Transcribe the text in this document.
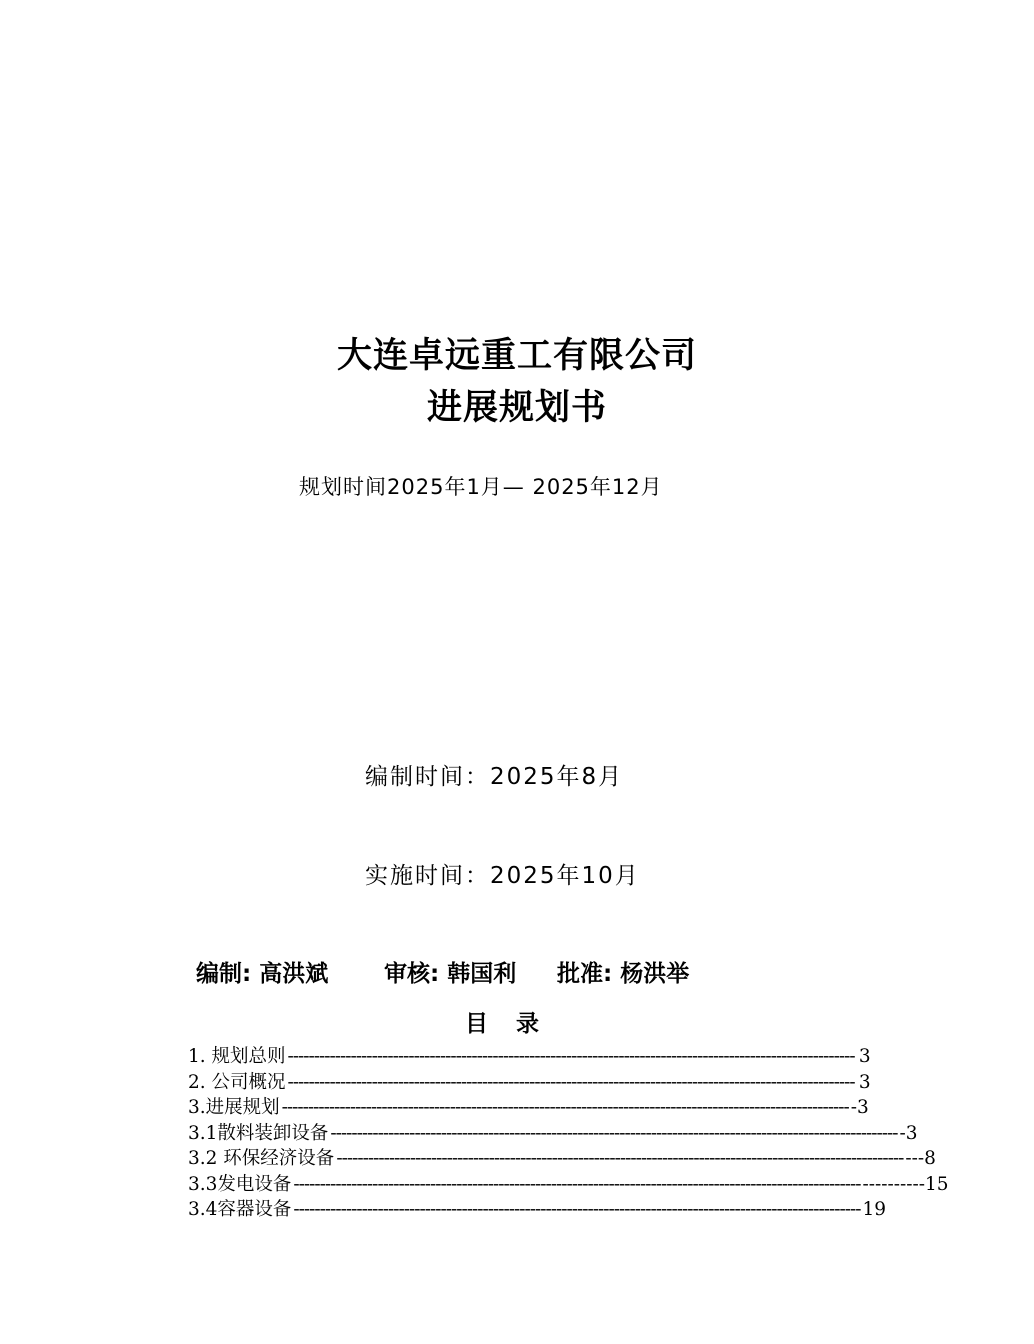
大连卓远重工有限公司
进展规划书
规划时间2025年1月— 2025年12月
编制时间：2025年8月
实施时间：2025年10月
编制: 高洪斌 审核: 韩国利 批准: 杨洪举
目 录
1. 规划总则 ------------------------------------------------------------------------------------------------------------ 3
2. 公司概况 ------------------------------------------------------------------------------------------------------------ 3
3.进展规划 ------------------------------------------------------------------------------------------------------------ -3
3.1散料装卸设备 ------------------------------------------------------------------------------------------------------------ -3
3.2 环保经济设备 ------------------------------------------------------------------------------------------------------------ ---8
3.3发电设备 ------------------------------------------------------------------------------------------------------------ ----------15
3.4容器设备 ------------------------------------------------------------------------------------------------------------ 19
